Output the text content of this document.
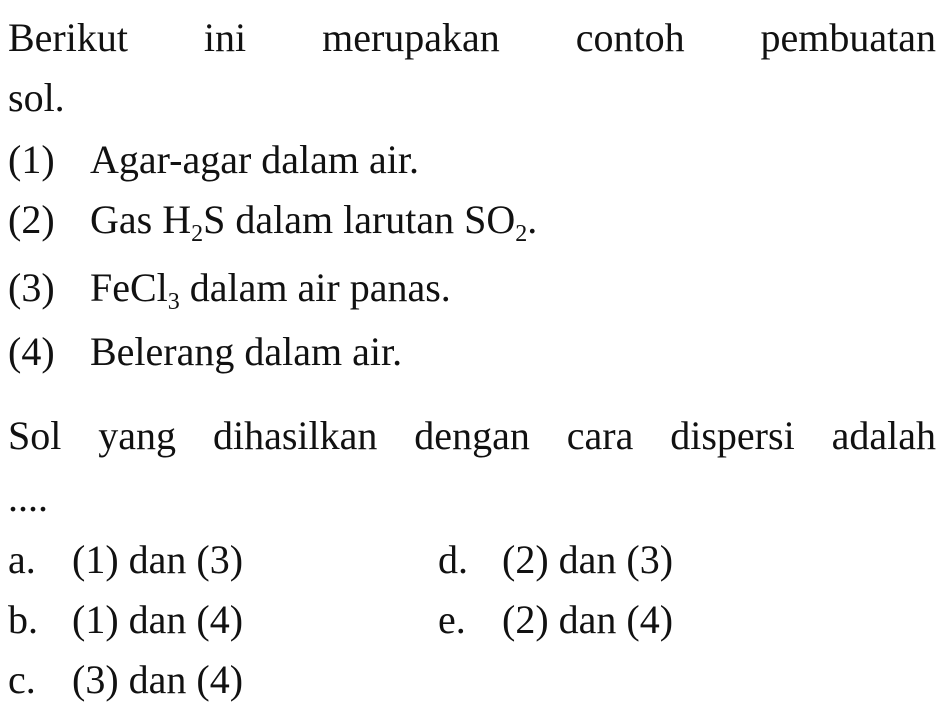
Berikut ini merupakan contoh pembuatan
sol.
(1) Agar-agar dalam air.
(2) Gas $H_2S$ dalam larutan $SO_2$.
(3) FeCl$_3$ dalam air panas.
(4) Belerang dalam air.
Sol yang dihasilkan dengan cara dispersi adalah
....
a. (1) dan (3)
b. (1) dan (4)
c. (3) dan (4)
d. (2) dan (3)
e. (2) dan (4)
